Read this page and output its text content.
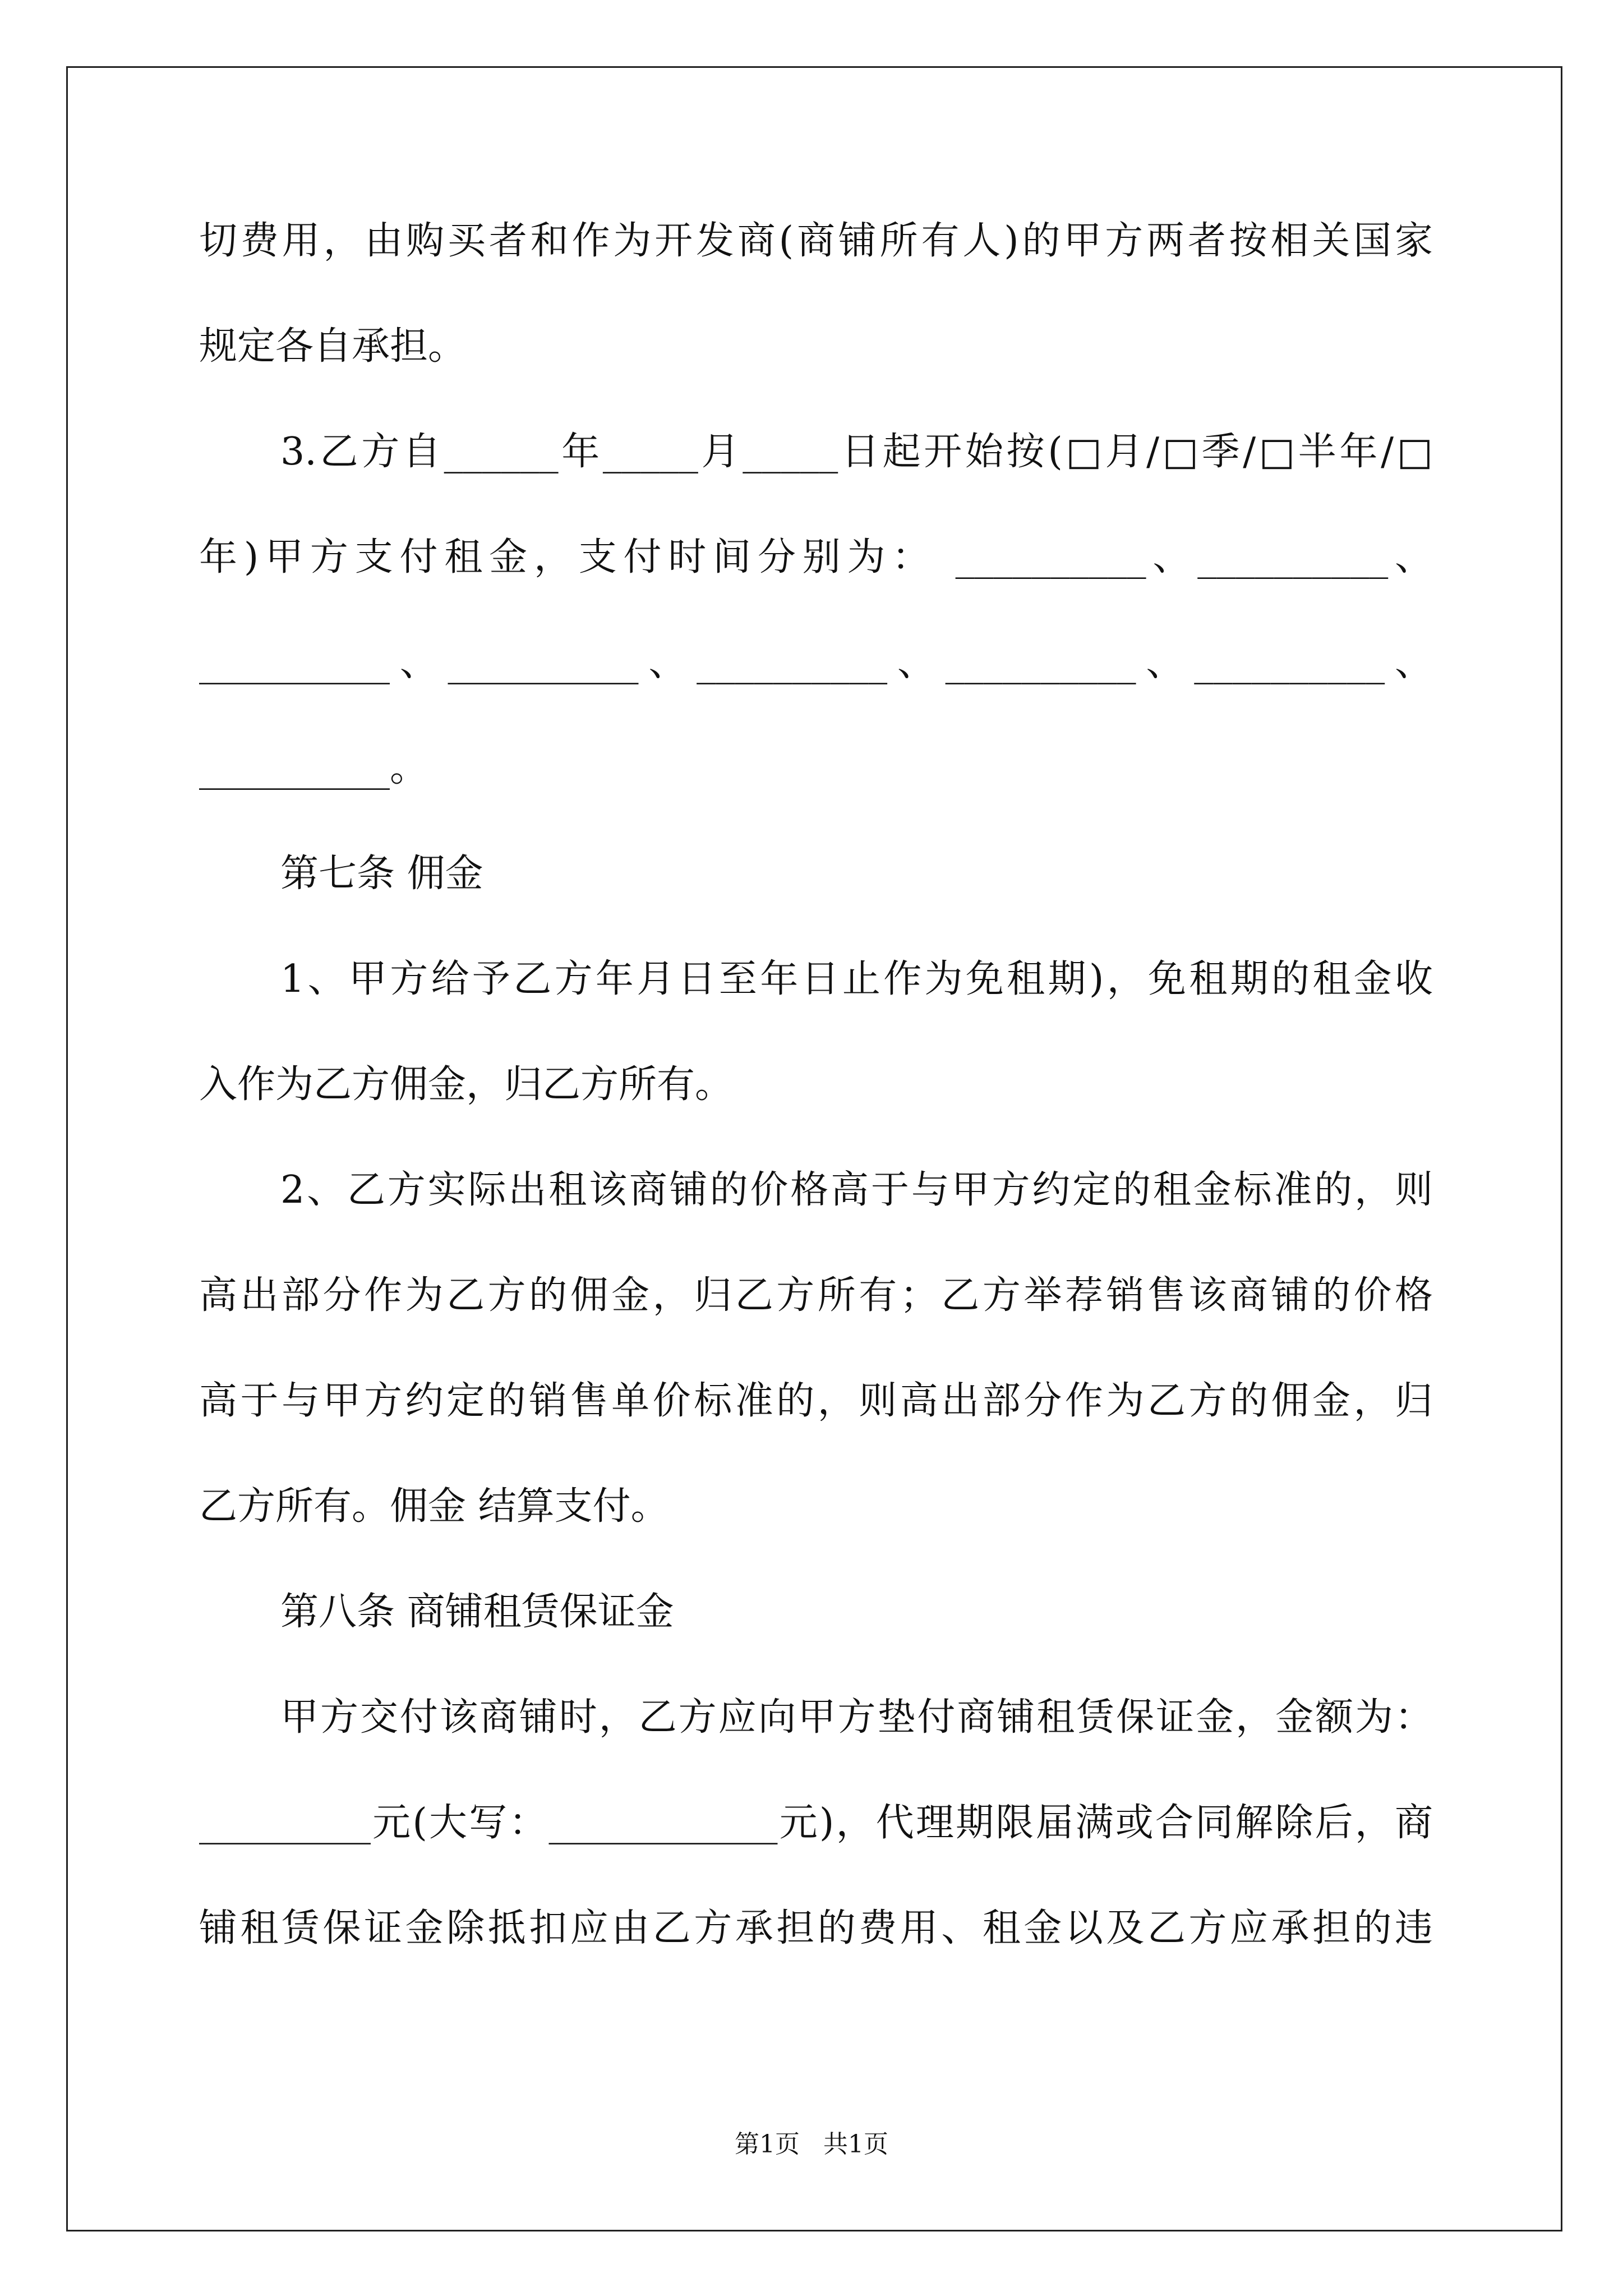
切费用，由购买者和作为开发商(商铺所有人)的甲方两者按相关国家
规定各自承担。
3.乙方自______年_____月_____日起开始按(□月/□季/□半年/□
年)甲方支付租金，支付时间分别为： __________、__________、
__________、__________、__________、__________、__________、
__________。
第七条 佣金
1、甲方给予乙方年月日至年日止作为免租期)，免租期的租金收
入作为乙方佣金，归乙方所有。
2、乙方实际出租该商铺的价格高于与甲方约定的租金标准的，则
高出部分作为乙方的佣金，归乙方所有；乙方举荐销售该商铺的价格
高于与甲方约定的销售单价标准的，则高出部分作为乙方的佣金，归
乙方所有。佣金 结算支付。
第八条 商铺租赁保证金
甲方交付该商铺时，乙方应向甲方垫付商铺租赁保证金，金额为：
_________元(大写：____________元)，代理期限届满或合同解除后，商
铺租赁保证金除抵扣应由乙方承担的费用、租金以及乙方应承担的违
第1页   共1页
